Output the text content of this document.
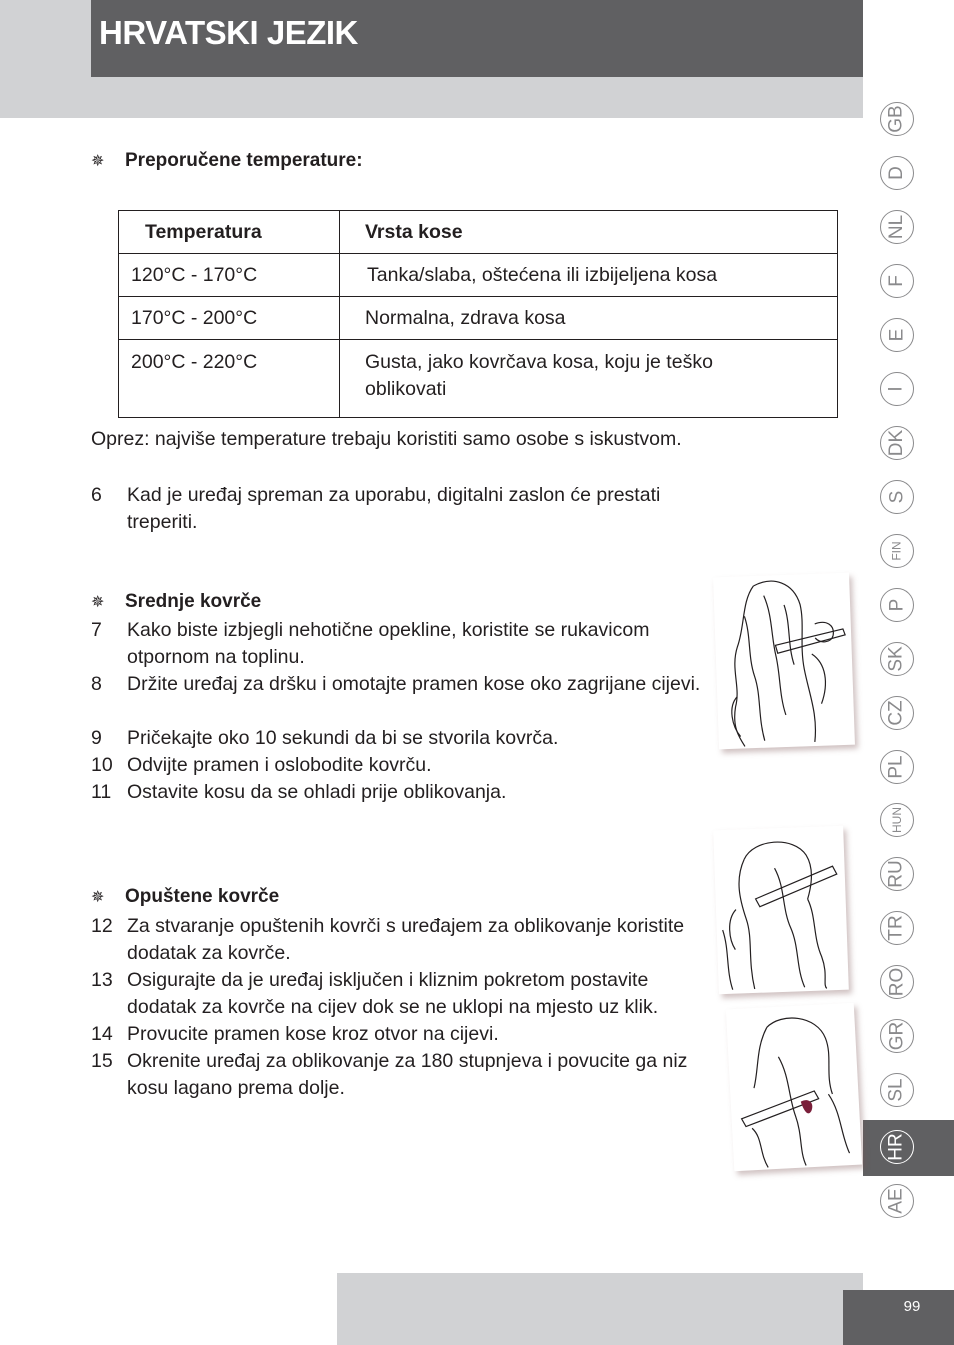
HRVATSKI JEZIK
99
GB
D
NL
F
E
I
DK
S
FIN
P
SK
CZ
PL
HUN
RU
TR
RO
GR
SL
HR
AE
✵ Preporučene temperature:
Temperatura	Vrsta kose
120°C - 170°C	Tanka/slaba, oštećena ili izbijeljena kosa
170°C - 200°C	Normalna, zdrava kosa
200°C - 220°C	Gusta, jako kovrčava kosa, koju je teško oblikovati
Oprez: najviše temperature trebaju koristiti samo osobe s iskustvom.
6 Kad je uređaj spreman za uporabu, digitalni zaslon će prestati treperiti.
✵ Srednje kovrče
7 Kako biste izbjegli nehotične opekline, koristite se rukavicom otpornom na toplinu.
8 Držite uređaj za dršku i omotajte pramen kose oko zagrijane cijevi.
9 Pričekajte oko 10 sekundi da bi se stvorila kovrča.
10 Odvijte pramen i oslobodite kovrču.
11 Ostavite kosu da se ohladi prije oblikovanja.
✵ Opuštene kovrče
12 Za stvaranje opuštenih kovrči s uređajem za oblikovanje koristite dodatak za kovrče.
13 Osigurajte da je uređaj isključen i kliznim pokretom postavite dodatak za kovrče na cijev dok se ne uklopi na mjesto uz klik.
14 Provucite pramen kose kroz otvor na cijevi.
15 Okrenite uređaj za oblikovanje za 180 stupnjeva i povucite ga niz kosu lagano prema dolje.
